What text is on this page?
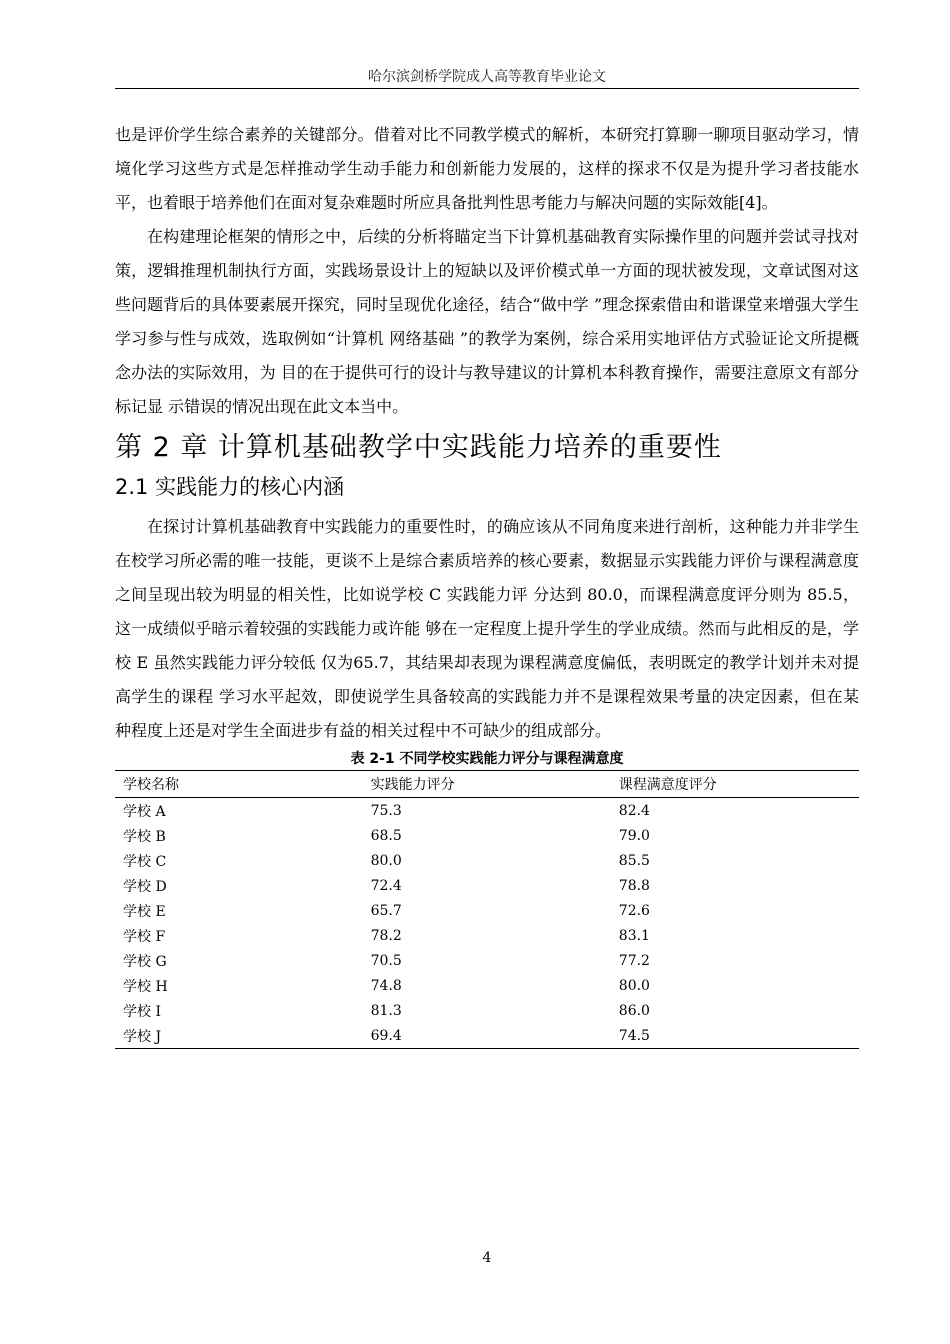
哈尔滨剑桥学院成人高等教育毕业论文

也是评价学生综合素养的关键部分。借着对比不同教学模式的解析，本研究打算聊一聊项目驱动学习，情境化学习这些方式是怎样推动学生动手能力和创新能力发展的，这样的探求不仅是为提升学习者技能水平，也着眼于培养他们在面对复杂难题时所应具备批判性思考能力与解决问题的实际效能[4]。

在构建理论框架的情形之中，后续的分析将瞄定当下计算机基础教育实际操作里的问题并尝试寻找对策，逻辑推理机制执行方面，实践场景设计上的短缺以及评价模式单一方面的现状被发现，文章试图对这些问题背后的具体要素展开探究，同时呈现优化途径，结合“做中学 ”理念探索借由和谐课堂来增强大学生学习参与性与成效，选取例如“计算机 网络基础 ”的教学为案例，综合采用实地评估方式验证论文所提概念办法的实际效用，为 目的在于提供可行的设计与教导建议的计算机本科教育操作，需要注意原文有部分标记显 示错误的情况出现在此文本当中。

第 2 章 计算机基础教学中实践能力培养的重要性
2.1 实践能力的核心内涵

在探讨计算机基础教育中实践能力的重要性时，的确应该从不同角度来进行剖析，这种能力并非学生在校学习所必需的唯一技能，更谈不上是综合素质培养的核心要素，数据显示实践能力评价与课程满意度之间呈现出较为明显的相关性，比如说学校 C 实践能力评 分达到 80.0，而课程满意度评分则为 85.5，这一成绩似乎暗示着较强的实践能力或许能 够在一定程度上提升学生的学业成绩。然而与此相反的是，学校 E 虽然实践能力评分较低 仅为65.7，其结果却表现为课程满意度偏低，表明既定的教学计划并未对提高学生的课程 学习水平起效，即使说学生具备较高的实践能力并不是课程效果考量的决定因素，但在某 种程度上还是对学生全面进步有益的相关过程中不可缺少的组成部分。

表 2-1 不同学校实践能力评分与课程满意度

学校名称	实践能力评分	课程满意度评分
学校 A	75.3	82.4
学校 B	68.5	79.0
学校 C	80.0	85.5
学校 D	72.4	78.8
学校 E	65.7	72.6
学校 F	78.2	83.1
学校 G	70.5	77.2
学校 H	74.8	80.0
学校 I	81.3	86.0
学校 J	69.4	74.5
4
